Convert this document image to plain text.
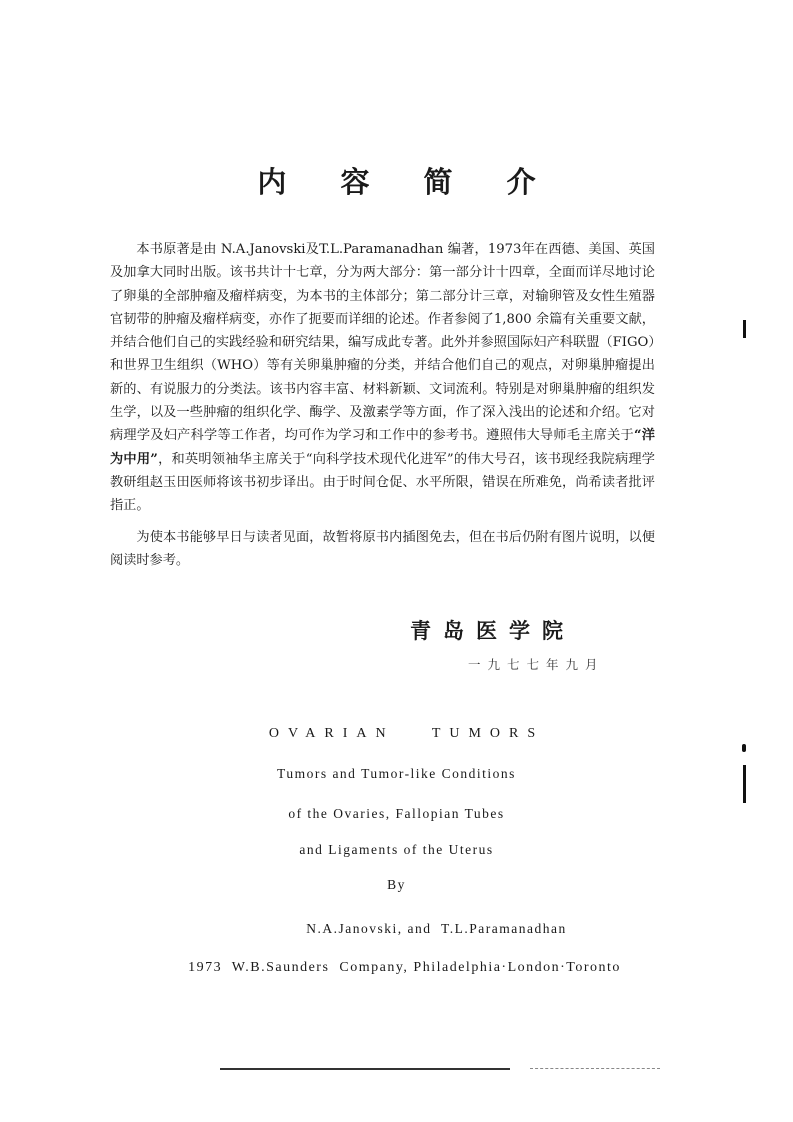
内 容 简 介

本书原著是由 N.A.Janovski及T.L.Paramanadhan 编著，1973年在西德、美国、英国及加拿大同时出版。该书共计十七章，分为两大部分：第一部分计十四章，全面而详尽地讨论了卵巢的全部肿瘤及瘤样病变，为本书的主体部分；第二部分计三章，对输卵管及女性生殖器官韧带的肿瘤及瘤样病变，亦作了扼要而详细的论述。作者参阅了1,800 余篇有关重要文献，并结合他们自己的实践经验和研究结果，编写成此专著。此外并参照国际妇产科联盟（FIGO）和世界卫生组织（WHO）等有关卵巢肿瘤的分类，并结合他们自己的观点，对卵巢肿瘤提出新的、有说服力的分类法。该书内容丰富、材料新颖、文词流利。特别是对卵巢肿瘤的组织发生学，以及一些肿瘤的组织化学、酶学、及激素学等方面，作了深入浅出的论述和介绍。它对病理学及妇产科学等工作者，均可作为学习和工作中的参考书。遵照伟大导师毛主席关于“洋为中用”，和英明领袖华主席关于“向科学技术现代化进军”的伟大号召，该书现经我院病理学教研组赵玉田医师将该书初步译出。由于时间仓促、水平所限，错误在所难免，尚希读者批评指正。

为使本书能够早日与读者见面，故暂将原书内插图免去，但在书后仍附有图片说明，以便阅读时参考。

青岛医学院
一九七七年九月
OVARIAN   TUMORS
Tumors and Tumor-like Conditions
of the Ovaries, Fallopian Tubes
and Ligaments of the Uterus
By
N.A.Janovski, and  T.L.Paramanadhan
1973  W.B.Saunders  Company, Philadelphia·London·Toronto
